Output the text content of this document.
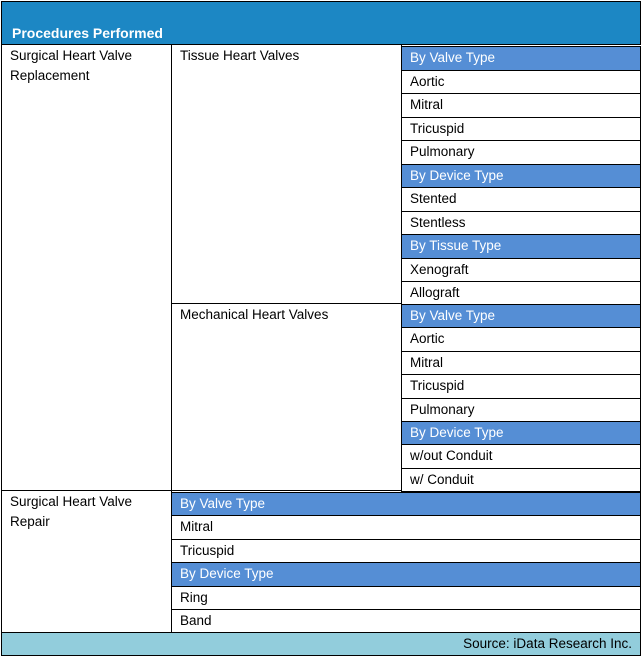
Procedures Performed
Surgical Heart Valve Replacement
Tissue Heart Valves
Mechanical Heart Valves
Surgical Heart Valve Repair
By Valve Type
Aortic
Mitral
Tricuspid
Pulmonary
By Device Type
Stented
Stentless
By Tissue Type
Xenograft
Allograft
By Valve Type
Aortic
Mitral
Tricuspid
Pulmonary
By Device Type
w/out Conduit
w/ Conduit
By Valve Type
Mitral
Tricuspid
By Device Type
Ring
Band
Source: iData Research Inc.
